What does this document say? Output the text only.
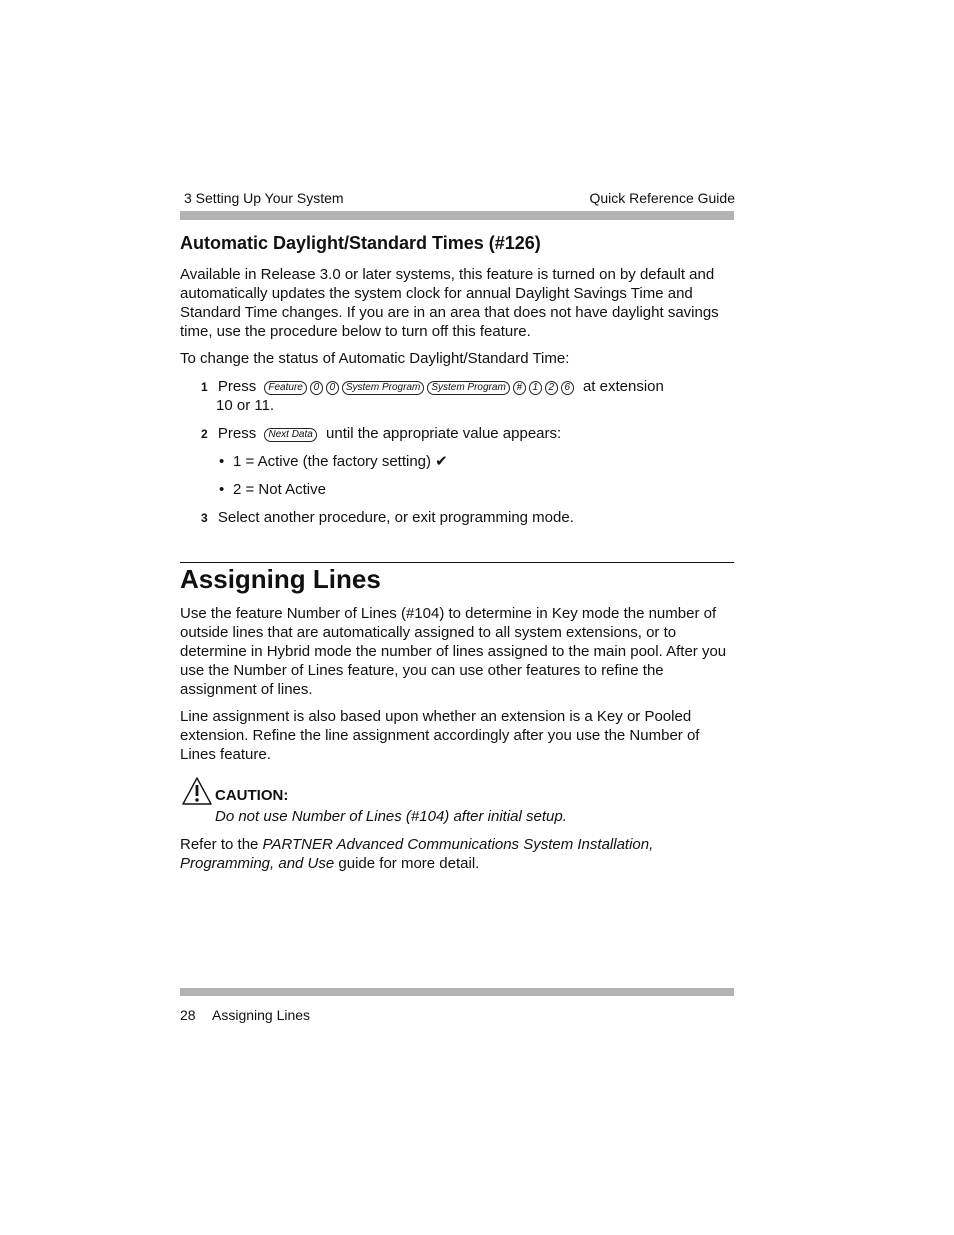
3 Setting Up Your System	Quick Reference Guide
Automatic Daylight/Standard Times (#126)

Available in Release 3.0 or later systems, this feature is turned on by default and automatically updates the system clock for annual Daylight Savings Time and Standard Time changes. If you are in an area that does not have daylight savings time, use the procedure below to turn off this feature.

To change the status of Automatic Daylight/Standard Time:

1 Press Feature 0 0 System Program System Program # 1 2 6 at extension
10 or 11.
2 Press Next Data until the appropriate value appears:
• 1 = Active (the factory setting) ✔
• 2 = Not Active
3 Select another procedure, or exit programming mode.
Assigning Lines

Use the feature Number of Lines (#104) to determine in Key mode the number of outside lines that are automatically assigned to all system extensions, or to determine in Hybrid mode the number of lines assigned to the main pool. After you use the Number of Lines feature, you can use other features to refine the assignment of lines.

Line assignment is also based upon whether an extension is a Key or Pooled extension. Refine the line assignment accordingly after you use the Number of Lines feature.

CAUTION:
Do not use Number of Lines (#104) after initial setup.

Refer to the PARTNER Advanced Communications System Installation,
Programming, and Use guide for more detail.

28 Assigning Lines
